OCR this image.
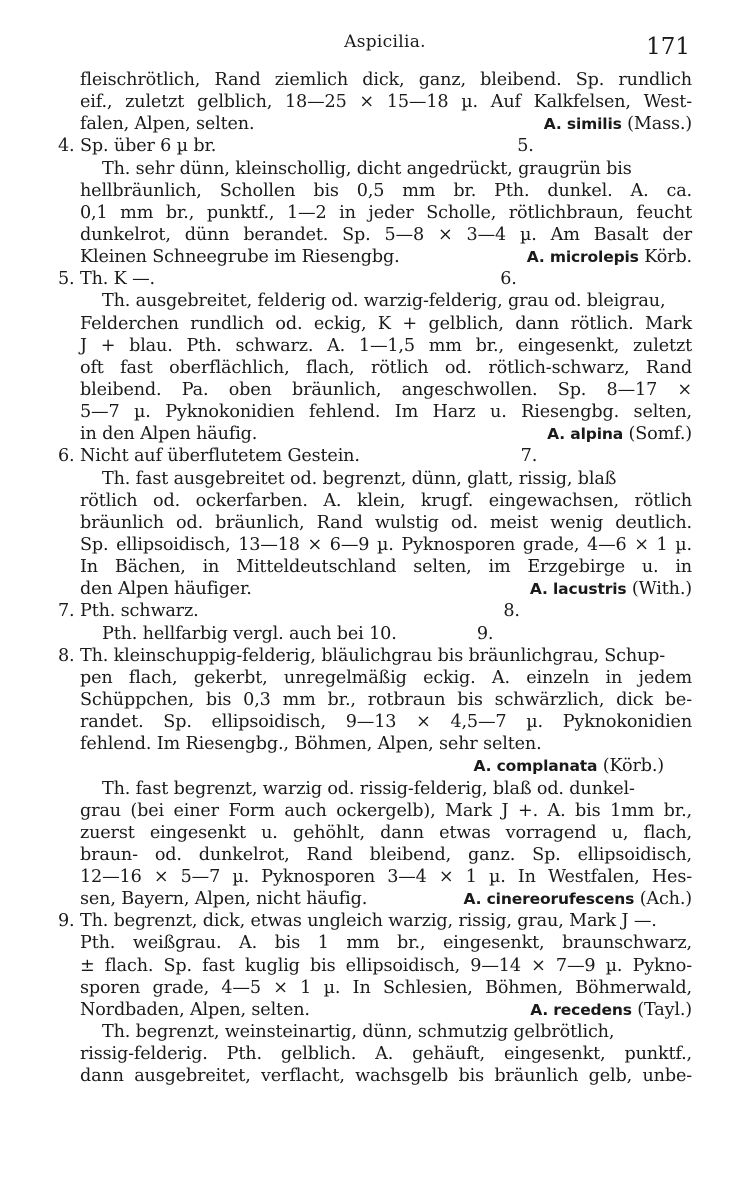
Aspicilia.	171
fleischrötlich, Rand ziemlich dick, ganz, bleibend. Sp. rundlich
eif., zuletzt gelblich, 18—25 × 15—18 µ. Auf Kalkfelsen, West-
falen, Alpen, selten.	A. similis (Mass.)
4. Sp. über 6 µ br.	5.
Th. sehr dünn, kleinschollig, dicht angedrückt, graugrün bis
hellbräunlich, Schollen bis 0,5 mm br. Pth. dunkel. A. ca.
0,1 mm br., punktf., 1—2 in jeder Scholle, rötlichbraun, feucht
dunkelrot, dünn berandet. Sp. 5—8 × 3—4 µ. Am Basalt der
Kleinen Schneegrube im Riesengbg.	A. microlepis Körb.
5. Th. K —.	6.
Th. ausgebreitet, felderig od. warzig-felderig, grau od. bleigrau,
Felderchen rundlich od. eckig, K + gelblich, dann rötlich. Mark
J + blau. Pth. schwarz. A. 1—1,5 mm br., eingesenkt, zuletzt
oft fast oberflächlich, flach, rötlich od. rötlich-schwarz, Rand
bleibend. Pa. oben bräunlich, angeschwollen. Sp. 8—17 ×
5—7 µ. Pyknokonidien fehlend. Im Harz u. Riesengbg. selten,
in den Alpen häufig.	A. alpina (Somf.)
6. Nicht auf überflutetem Gestein.	7.
Th. fast ausgebreitet od. begrenzt, dünn, glatt, rissig, blaß
rötlich od. ockerfarben. A. klein, krugf. eingewachsen, rötlich
bräunlich od. bräunlich, Rand wulstig od. meist wenig deutlich.
Sp. ellipsoidisch, 13—18 × 6—9 µ. Pyknosporen grade, 4—6 × 1 µ.
In Bächen, in Mitteldeutschland selten, im Erzgebirge u. in
den Alpen häufiger.	A. lacustris (With.)
7. Pth. schwarz.	8.
Pth. hellfarbig vergl. auch bei 10.	9.
8. Th. kleinschuppig-felderig, bläulichgrau bis bräunlichgrau, Schup-
pen flach, gekerbt, unregelmäßig eckig. A. einzeln in jedem
Schüppchen, bis 0,3 mm br., rotbraun bis schwärzlich, dick be-
randet. Sp. ellipsoidisch, 9—13 × 4,5—7 µ. Pyknokonidien
fehlend. Im Riesengbg., Böhmen, Alpen, sehr selten.
A. complanata (Körb.)
Th. fast begrenzt, warzig od. rissig-felderig, blaß od. dunkel-
grau (bei einer Form auch ockergelb), Mark J +. A. bis 1mm br.,
zuerst eingesenkt u. gehöhlt, dann etwas vorragend u, flach,
braun- od. dunkelrot, Rand bleibend, ganz. Sp. ellipsoidisch,
12—16 × 5—7 µ. Pyknosporen 3—4 × 1 µ. In Westfalen, Hes-
sen, Bayern, Alpen, nicht häufig.	A. cinereorufescens (Ach.)
9. Th. begrenzt, dick, etwas ungleich warzig, rissig, grau, Mark J —.
Pth. weißgrau. A. bis 1 mm br., eingesenkt, braunschwarz,
± flach. Sp. fast kuglig bis ellipsoidisch, 9—14 × 7—9 µ. Pykno-
sporen grade, 4—5 × 1 µ. In Schlesien, Böhmen, Böhmerwald,
Nordbaden, Alpen, selten.	A. recedens (Tayl.)
Th. begrenzt, weinsteinartig, dünn, schmutzig gelbrötlich,
rissig-felderig. Pth. gelblich. A. gehäuft, eingesenkt, punktf.,
dann ausgebreitet, verflacht, wachsgelb bis bräunlich gelb, unbe-
